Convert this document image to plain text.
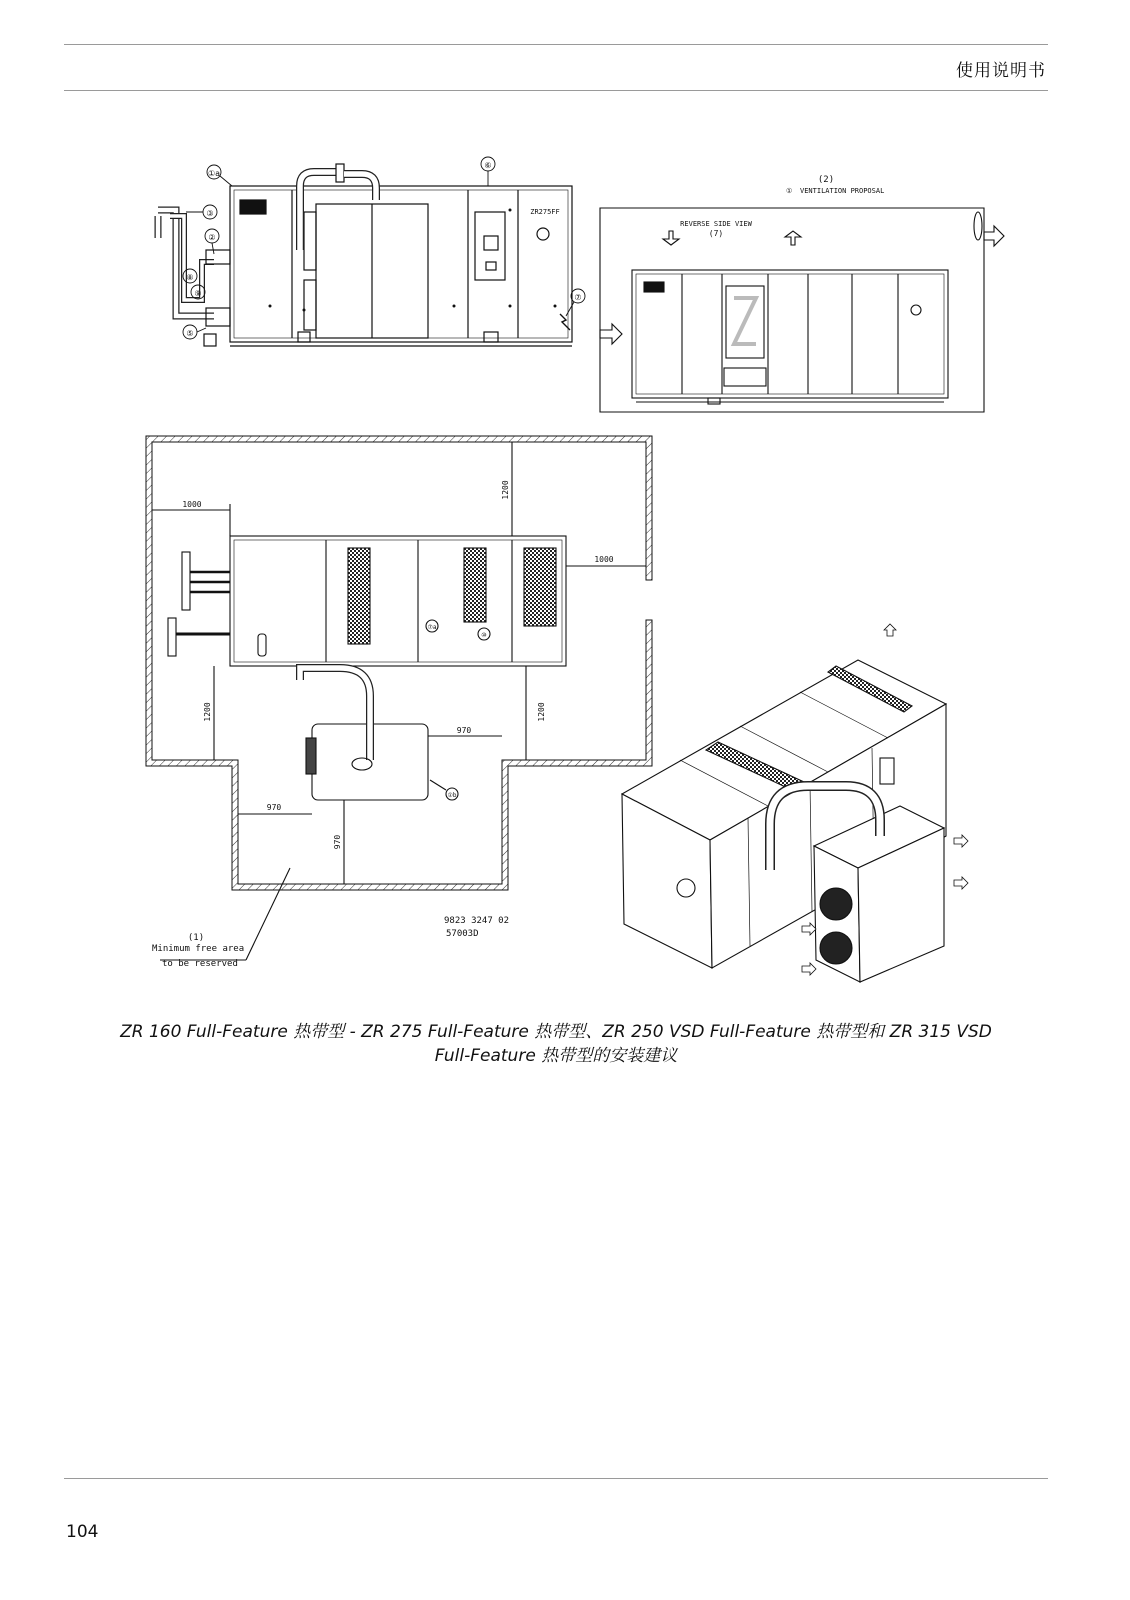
使用说明书
①a
⑥
③
②
⑧
⑨
⑤
⑦
ZR275FF
(2)
① VENTILATION PROPOSAL
REVERSE SIDE VIEW
(7)
1000
1200
1000
1200	1200
970
970
970
⑦a
⑩
①b
(1)
Minimum free area
to be reserved
9823 3247 02
57003D
ZR 160 Full-Feature 热带型 - ZR 275 Full-Feature 热带型、ZR 250 VSD Full-Feature 热带型和 ZR 315 VSD
Full-Feature 热带型的安装建议
104
